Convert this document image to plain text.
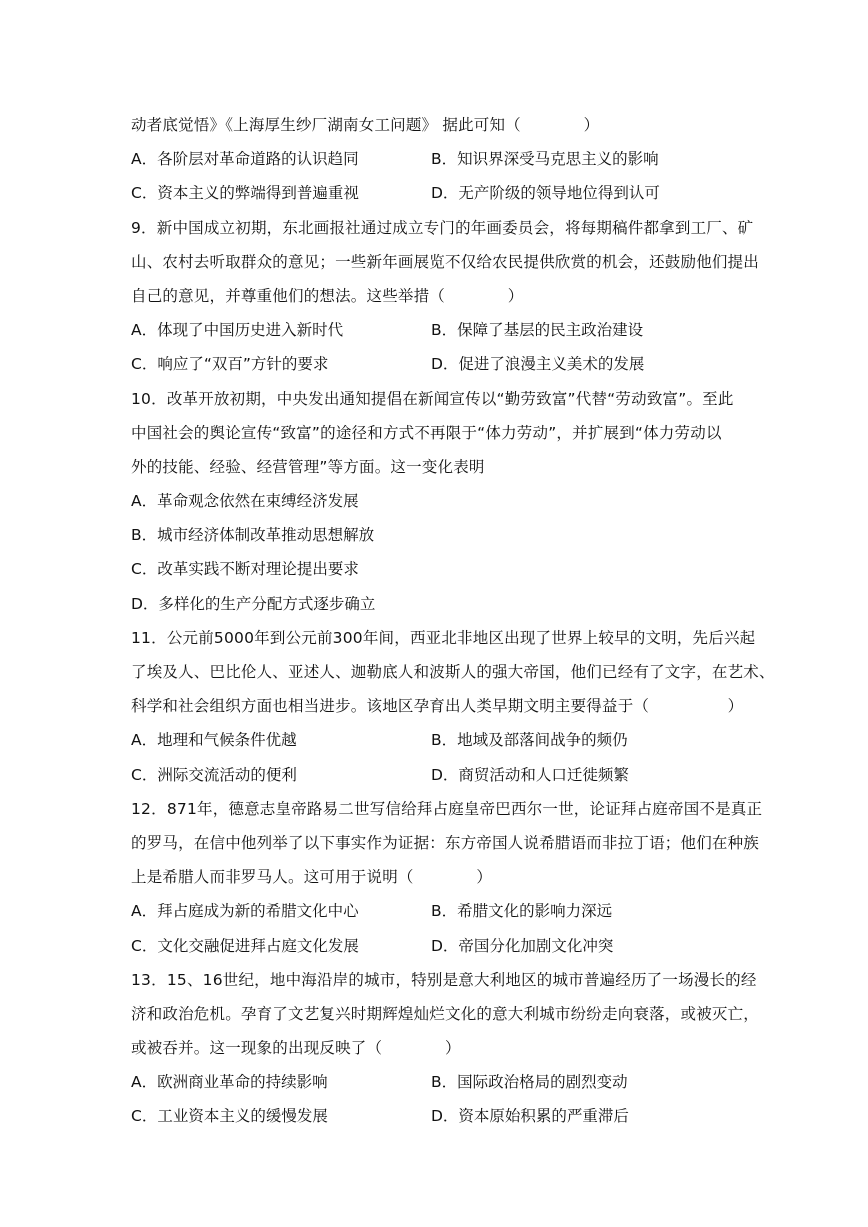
动者底觉悟》《上海厚生纱厂湖南女工问题》 据此可知（　　　　）
A．各阶层对革命道路的认识趋同	B．知识界深受马克思主义的影响
C．资本主义的弊端得到普遍重视	D．无产阶级的领导地位得到认可
9．新中国成立初期，东北画报社通过成立专门的年画委员会，将每期稿件都拿到工厂、矿
山、农村去听取群众的意见；一些新年画展览不仅给农民提供欣赏的机会，还鼓励他们提出
自己的意见，并尊重他们的想法。这些举措（　　　　）
A．体现了中国历史进入新时代	B．保障了基层的民主政治建设
C．响应了“双百”方针的要求	D．促进了浪漫主义美术的发展
10．改革开放初期，中央发出通知提倡在新闻宣传以“勤劳致富”代替“劳动致富”。至此
中国社会的舆论宣传“致富”的途径和方式不再限于“体力劳动”，并扩展到“体力劳动以
外的技能、经验、经营管理”等方面。这一变化表明
A．革命观念依然在束缚经济发展
B．城市经济体制改革推动思想解放
C．改革实践不断对理论提出要求
D．多样化的生产分配方式逐步确立
11．公元前5000年到公元前300年间，西亚北非地区出现了世界上较早的文明，先后兴起
了埃及人、巴比伦人、亚述人、迦勒底人和波斯人的强大帝国，他们已经有了文字，在艺术、
科学和社会组织方面也相当进步。该地区孕育出人类早期文明主要得益于（　　　　　）
A．地理和气候条件优越	B．地域及部落间战争的频仍
C．洲际交流活动的便利	D．商贸活动和人口迁徙频繁
12．871年，德意志皇帝路易二世写信给拜占庭皇帝巴西尔一世，论证拜占庭帝国不是真正
的罗马，在信中他列举了以下事实作为证据：东方帝国人说希腊语而非拉丁语；他们在种族
上是希腊人而非罗马人。这可用于说明（　　　　）
A．拜占庭成为新的希腊文化中心	B．希腊文化的影响力深远
C．文化交融促进拜占庭文化发展	D．帝国分化加剧文化冲突
13．15、16世纪，地中海沿岸的城市，特别是意大利地区的城市普遍经历了一场漫长的经
济和政治危机。孕育了文艺复兴时期辉煌灿烂文化的意大利城市纷纷走向衰落，或被灭亡，
或被吞并。这一现象的出现反映了（　　　　）
A．欧洲商业革命的持续影响	B．国际政治格局的剧烈变动
C．工业资本主义的缓慢发展	D．资本原始积累的严重滞后
